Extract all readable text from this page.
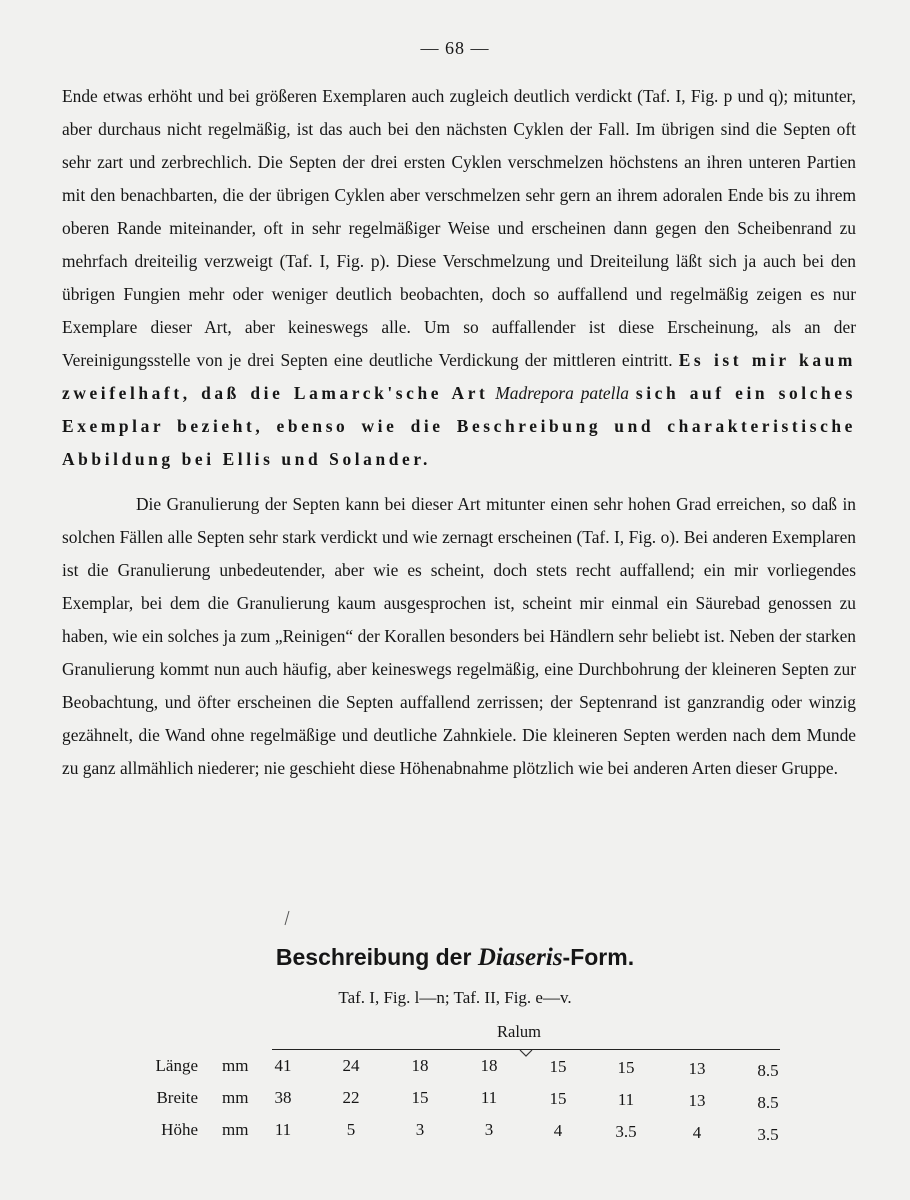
— 68 —

Ende etwas erhöht und bei größeren Exemplaren auch zugleich deutlich verdickt (Taf. I, Fig. p und q); mitunter, aber durchaus nicht regelmäßig, ist das auch bei den nächsten Cyklen der Fall. Im übrigen sind die Septen oft sehr zart und zerbrechlich. Die Septen der drei ersten Cyklen verschmelzen höchstens an ihren unteren Partien mit den benachbarten, die der übrigen Cyklen aber verschmelzen sehr gern an ihrem adoralen Ende bis zu ihrem oberen Rande miteinander, oft in sehr regelmäßiger Weise und erscheinen dann gegen den Scheibenrand zu mehrfach dreiteilig verzweigt (Taf. I, Fig. p). Diese Verschmelzung und Dreiteilung läßt sich ja auch bei den übrigen Fungien mehr oder weniger deutlich beobachten, doch so auffallend und regelmäßig zeigen es nur Exemplare dieser Art, aber keineswegs alle. Um so auffallender ist diese Erscheinung, als an der Vereinigungsstelle von je drei Septen eine deutliche Verdickung der mittleren eintritt. Es ist mir kaum zweifelhaft, daß die Lamarck'sche Art Madrepora patella sich auf ein solches Exemplar bezieht, ebenso wie die Beschreibung und charakteristische Abbildung bei Ellis und Solander.

Die Granulierung der Septen kann bei dieser Art mitunter einen sehr hohen Grad erreichen, so daß in solchen Fällen alle Septen sehr stark verdickt und wie zernagt erscheinen (Taf. I, Fig. o). Bei anderen Exemplaren ist die Granulierung unbedeutender, aber wie es scheint, doch stets recht auffallend; ein mir vorliegendes Exemplar, bei dem die Granulierung kaum ausgesprochen ist, scheint mir einmal ein Säurebad genossen zu haben, wie ein solches ja zum „Reinigen“ der Korallen besonders bei Händlern sehr beliebt ist. Neben der starken Granulierung kommt nun auch häufig, aber keineswegs regelmäßig, eine Durchbohrung der kleineren Septen zur Beobachtung, und öfter erscheinen die Septen auffallend zerrissen; der Septenrand ist ganzrandig oder winzig gezähnelt, die Wand ohne regelmäßige und deutliche Zahnkiele. Die kleineren Septen werden nach dem Munde zu ganz allmählich niederer; nie geschieht diese Höhenabnahme plötzlich wie bei anderen Arten dieser Gruppe.

Beschreibung der Diaseris-Form.
Taf. I, Fig. l—n; Taf. II, Fig. e—v.
Ralum
Länge mm	41	24	18	18	15	15	13	8.5
Breite mm	38	22	15	11	15	11	13	8.5
Höhe mm	11	5	3	3	4	3.5	4	3.5
